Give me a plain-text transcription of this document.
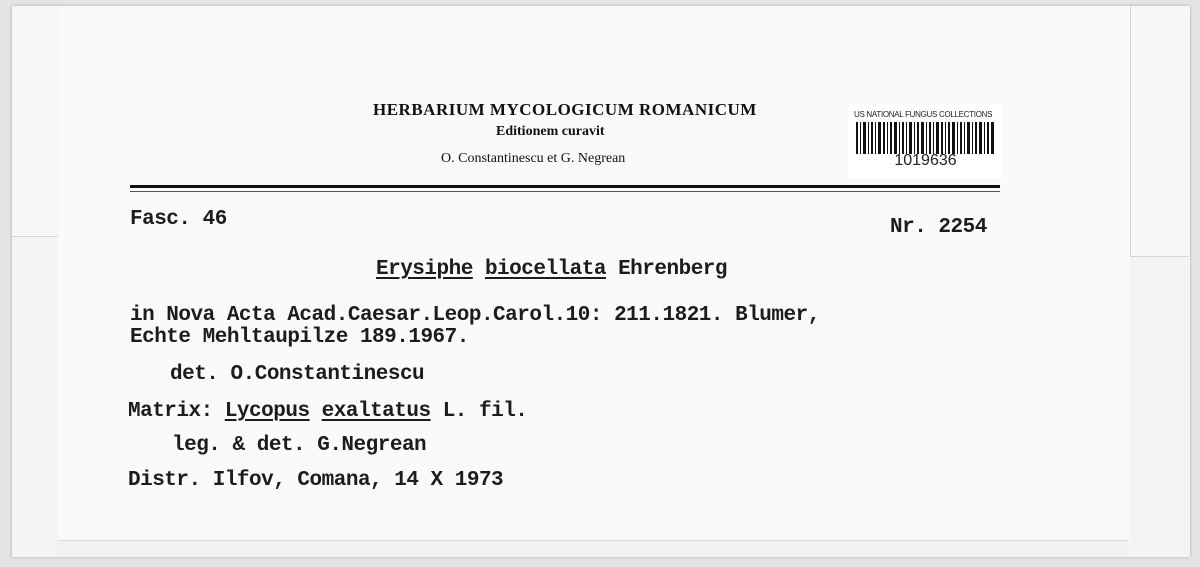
HERBARIUM MYCOLOGICUM ROMANICUM
Editionem curavit
O. Constantinescu et G. Negrean
US NATIONAL FUNGUS COLLECTIONS
1019636
Fasc. 46	Nr. 2254
Erysiphe biocellata Ehrenberg
in Nova Acta Acad.Caesar.Leop.Carol.10: 211.1821. Blumer,
Echte Mehltaupilze 189.1967.
det. O.Constantinescu
Matrix: Lycopus exaltatus L. fil.
leg. & det. G.Negrean
Distr. Ilfov, Comana, 14 X 1973
